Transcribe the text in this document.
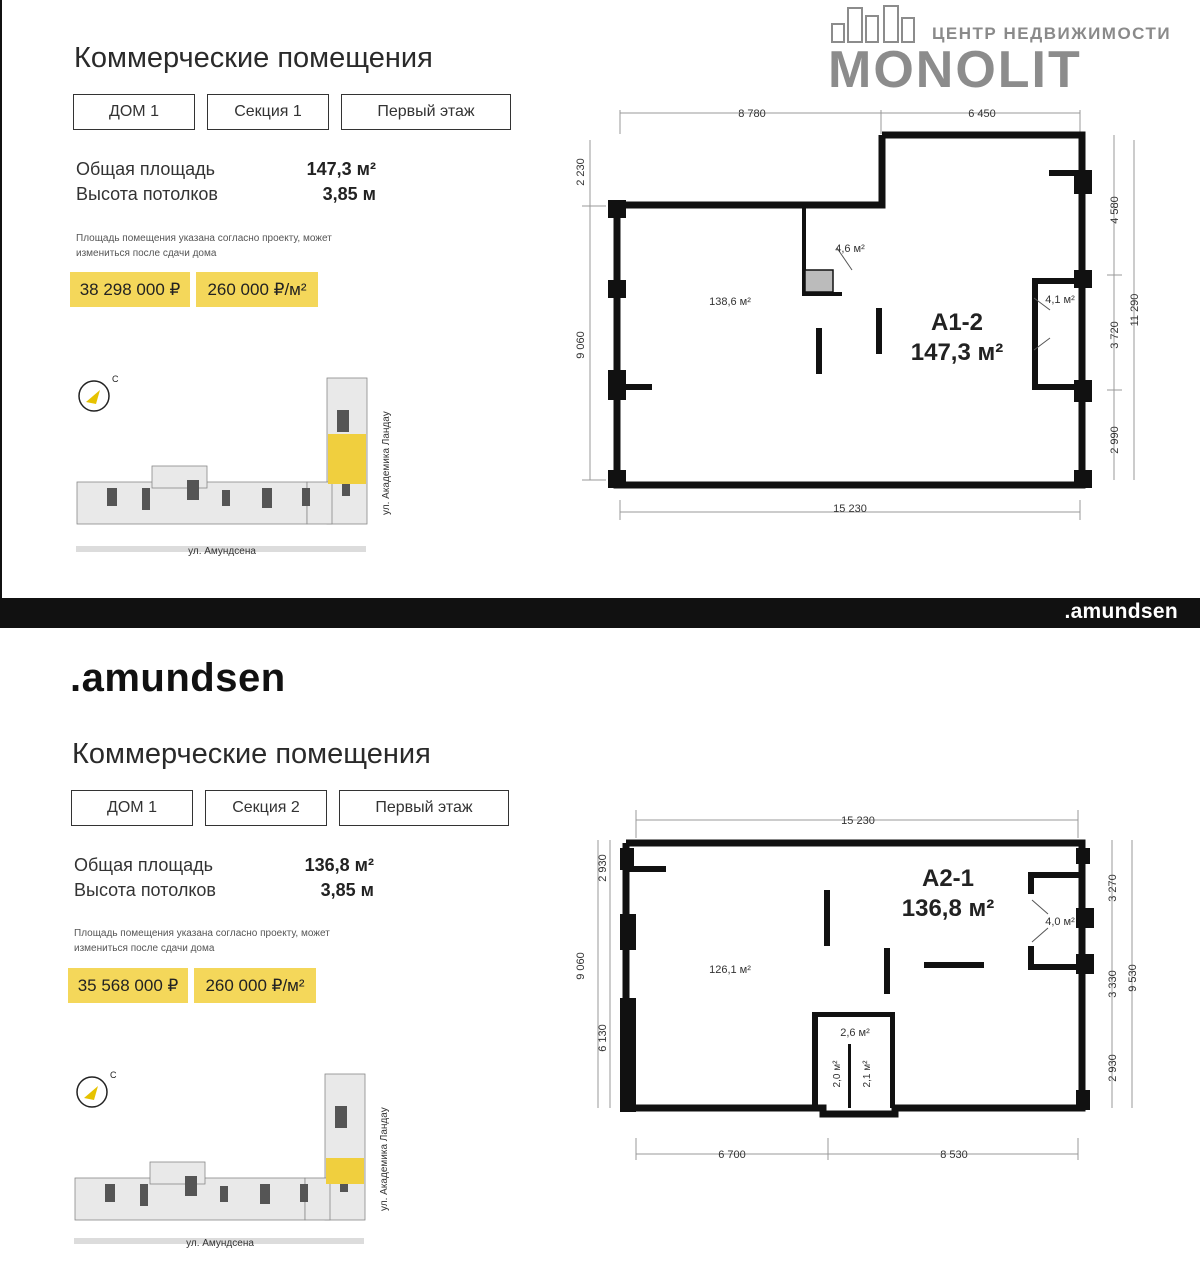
Коммерческие помещения
ДОМ 1	Секция 1	Первый этаж
Общая площадь	147,3 м²
Высота потолков	3,85 м
Площадь помещения указана согласно проекту, может измениться после сдачи дома
38 298 000 ₽	260 000 ₽/м²
С
ул. Амундсена
ул. Академика Ландау
138,6 м²
4,6 м²
4,1 м²
А1-2
147,3 м²
8 780	6 450
15 230
2 230
9 060
4 580
3 720
2 990
11 290
ЦЕНТР НЕДВИЖИМОСТИ
MONOLIT
.amundsen
.amundsen
Коммерческие помещения
ДОМ 1	Секция 2	Первый этаж
Общая площадь	136,8 м²
Высота потолков	3,85 м
Площадь помещения указана согласно проекту, может измениться после сдачи дома
35 568 000 ₽	260 000 ₽/м²
С
ул. Амундсена
ул. Академика Ландау
126,1 м²
2,6 м²
2,0 м² 2,1 м²
4,0 м²
А2-1
136,8 м²
15 230
6 700	8 530
2 930
9 060
6 130
3 270
3 330
2 930
9 530
